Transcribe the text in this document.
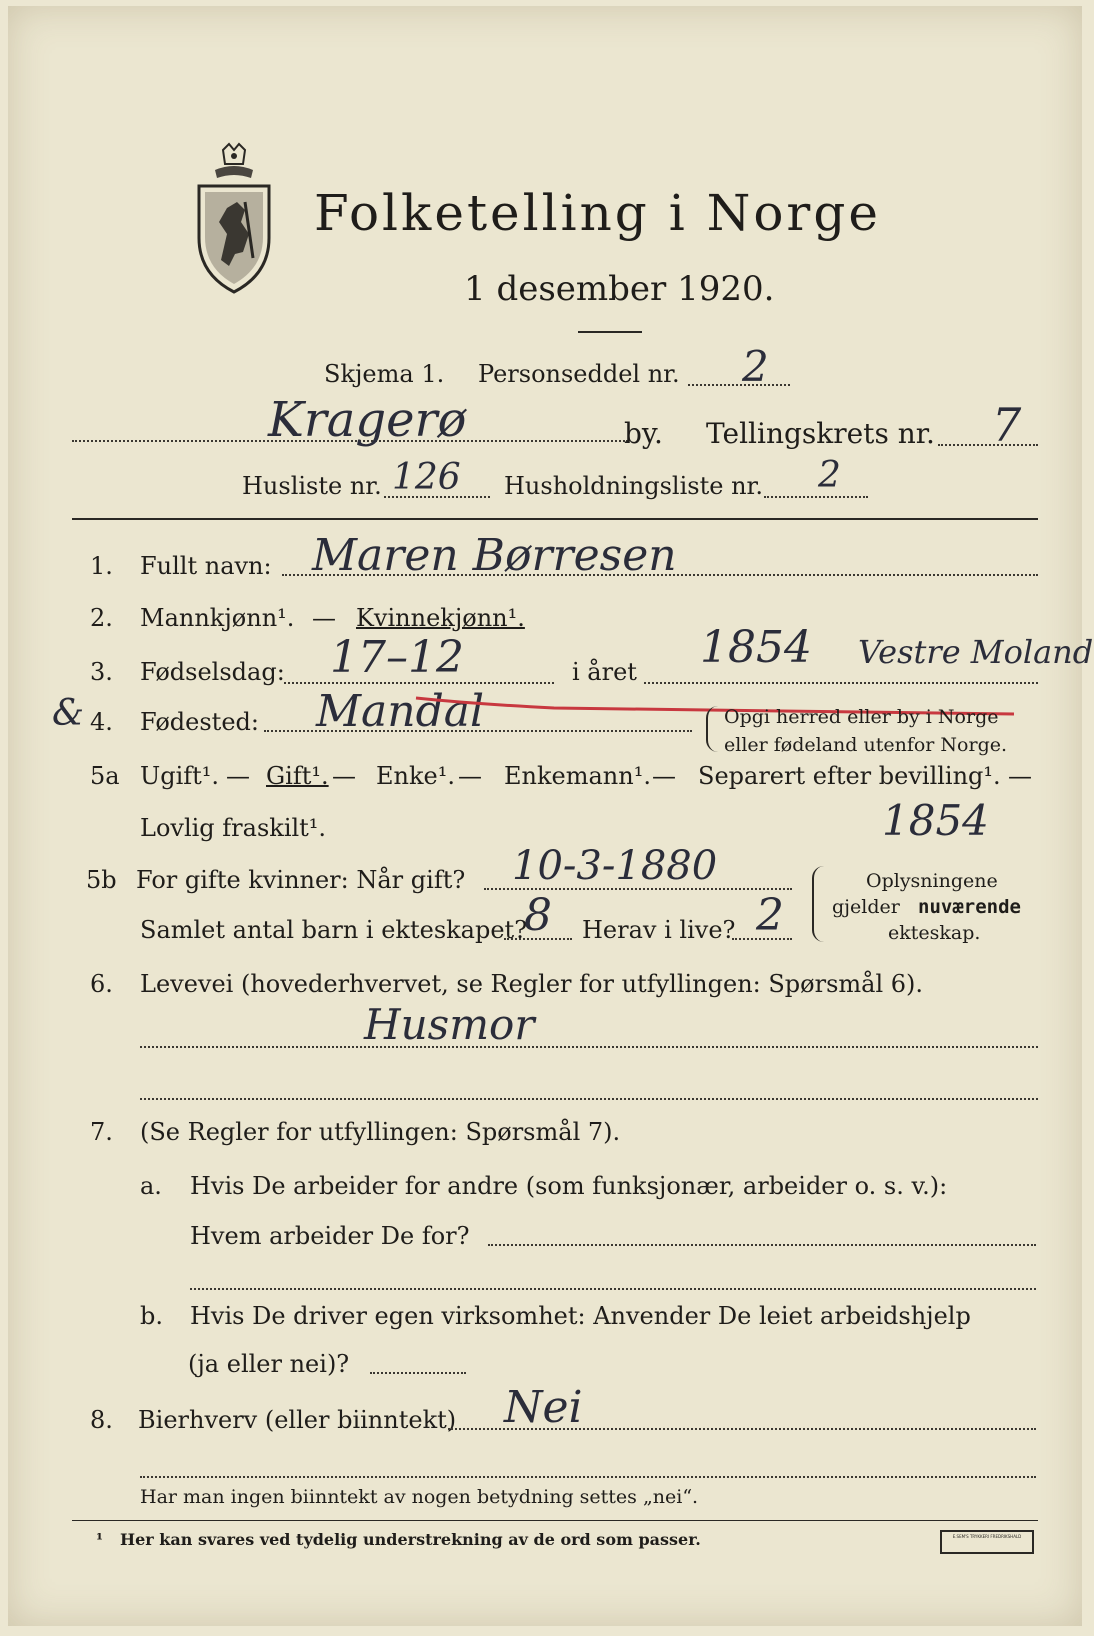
Folketelling i Norge
1 desember 1920.
Skjema 1. Personseddel nr. 2
Kragerø	by. Tellingskrets nr. 7
Husliste nr. 126 Husholdningsliste nr. 2
1. Fullt navn: Maren Børresen
2. Mannkjønn¹. — Kvinnekjønn¹.
3. Fødselsdag: 17–12	i året 1854 Vestre Moland
& 4. Fødested: Mandal	Opgi herred eller by i Norge
eller fødeland utenfor Norge.
5a Ugift¹. — Gift¹. — Enke¹. — Enkemann¹. — Separert efter bevilling¹. —
Lovlig fraskilt¹.	1854
5b For gifte kvinner: Når gift? 10-3-1880
Samlet antal barn i ekteskapet?
8 Herav i live? 2
Oplysningene
gjelder nuværende
ekteskap.
6. Levevei (hovederhvervet, se Regler for utfyllingen: Spørsmål 6).
Husmor
7. (Se Regler for utfyllingen: Spørsmål 7).
a. Hvis De arbeider for andre (som funksjonær, arbeider o. s. v.):
Hvem arbeider De for?
b. Hvis De driver egen virksomhet: Anvender De leiet arbeidshjelp
(ja eller nei)?
8. Bierhverv (eller biinntekt) Nei
Har man ingen biinntekt av nogen betydning settes „nei“.
¹ Her kan svares ved tydelig understrekning av de ord som passer.	E.SEM'S TRYKKERI FREDRIKSHALD
